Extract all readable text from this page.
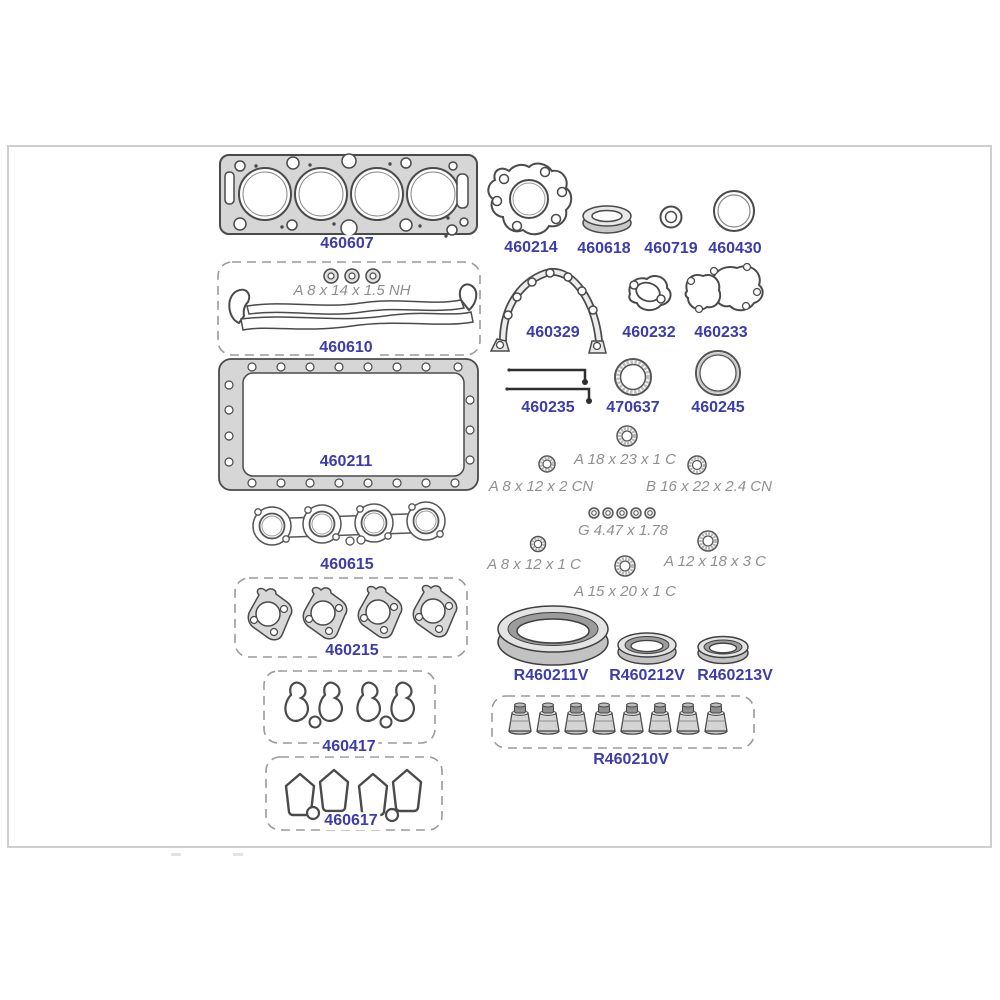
460607	460214 460618 460719 460430
460610
460329	460232 460233
460211
460235 470637 460245
460615
460215
R460211V R460212V R460213V
460417
R460210V
460617
A 8 x 14 x 1.5 NH
A 18 x 23 x 1 C
A 8 x 12 x 2 CN	B 16 x 22 x 2.4 CN
G 4.47 x 1.78
A 8 x 12 x 1 C	A 12 x 18 x 3 C
A 15 x 20 x 1 C
